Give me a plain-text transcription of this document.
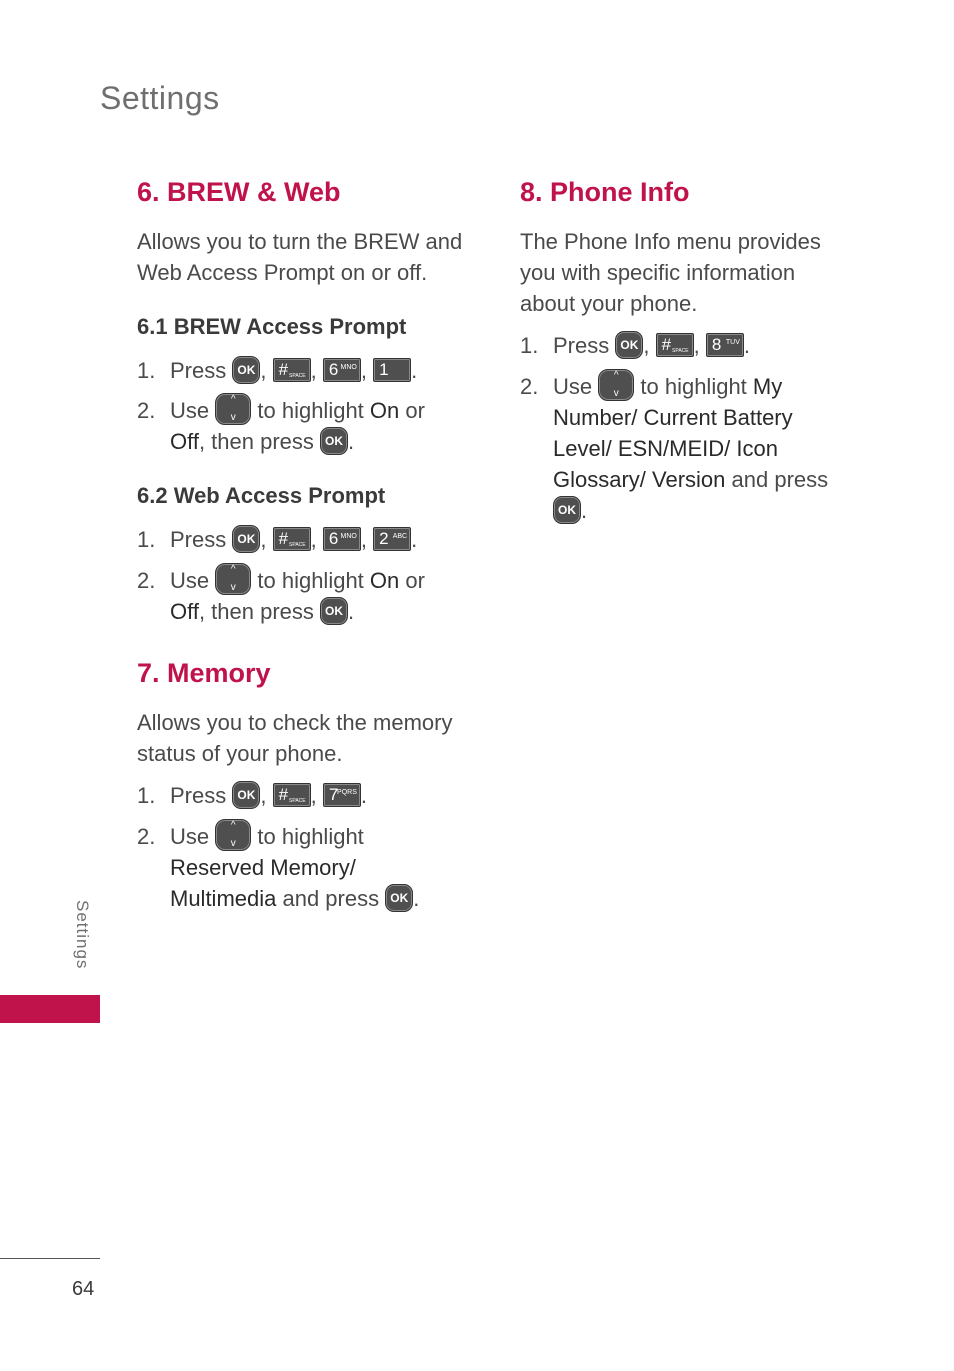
Settings
6. BREW & Web
Allows you to turn the BREW and
Web Access Prompt on or off.
6.1 BREW Access Prompt
1. Press OK , # SPACE , 6 MNO , 1 .
2. Use	^
v to highlight On or
Off, then press OK .
6.2 Web Access Prompt
1. Press OK , # SPACE , 6 MNO , 2 ABC .
2. Use	^
v to highlight On or
Off, then press OK .
7. Memory
Allows you to check the memory
status of your phone.
1. Press OK , # SPACE , 7
PQRS .
2. Use	^
v to highlight
Reserved Memory/
Multimedia and press OK .
8. Phone Info
The Phone Info menu provides
you with specific information
about your phone.
1. Press OK , # SPACE , 8 TUV .
2. Use	^
v to highlight My
Number/ Current Battery
Level/ ESN/MEID/ Icon
Glossary/ Version and press
OK .
Settings
64
